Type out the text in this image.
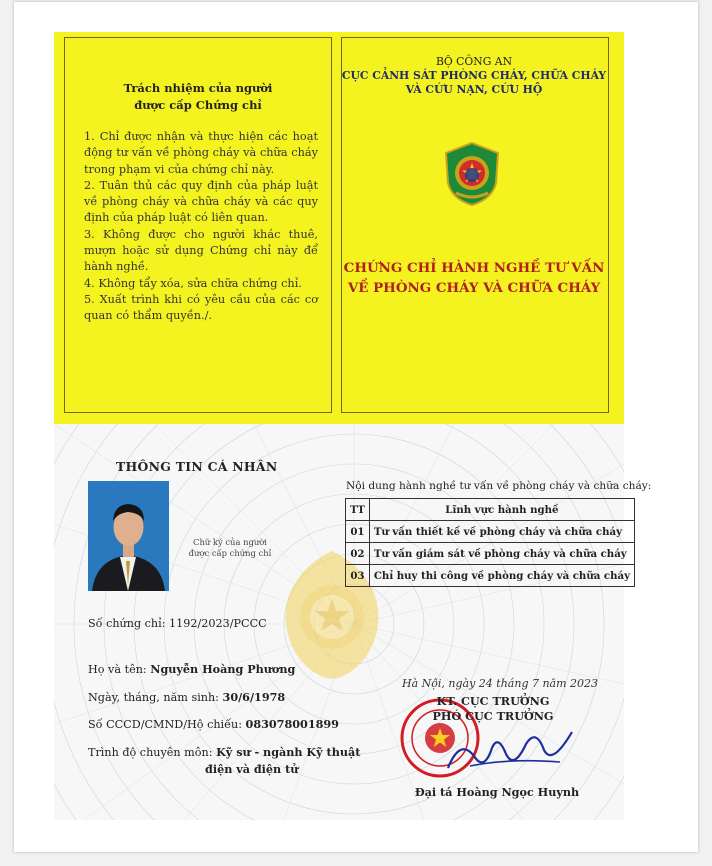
Trách nhiệm của người
được cấp Chứng chỉ
1. Chỉ được nhận và thực hiện các hoạt động tư vấn về phòng cháy và chữa cháy trong phạm vi của chứng chỉ này.
2. Tuân thủ các quy định của pháp luật về phòng cháy và chữa cháy và các quy định của pháp luật có liên quan.
3. Không được cho người khác thuê, mượn hoặc sử dụng Chứng chỉ này để hành nghề.
4. Không tẩy xóa, sửa chữa chứng chỉ.
5. Xuất trình khi có yêu cầu của các cơ quan có thẩm quyền./.
BỘ CÔNG AN
CỤC CẢNH SÁT PHÒNG CHÁY, CHỮA CHÁY
VÀ CỨU NẠN, CỨU HỘ
CHỨNG CHỈ HÀNH NGHỀ TƯ VẤN
VỀ PHÒNG CHÁY VÀ CHỮA CHÁY
THÔNG TIN CÁ NHÂN
Chữ ký của người
được cấp chứng chỉ
Số chứng chỉ: 1192/2023/PCCC
Họ và tên: Nguyễn Hoàng Phương
Ngày, tháng, năm sinh: 30/6/1978
Số CCCD/CMND/Hộ chiếu: 083078001899
Trình độ chuyên môn: Kỹ sư - ngành Kỹ thuật
điện và điện tử
Nội dung hành nghề tư vấn về phòng cháy và chữa cháy:
TT	Lĩnh vực hành nghề
01	Tư vấn thiết kế về phòng cháy và chữa cháy
02	Tư vấn giám sát về phòng cháy và chữa cháy
03	Chỉ huy thi công về phòng cháy và chữa cháy
Hà Nội, ngày 24 tháng 7 năm 2023
KT. CỤC TRƯỞNG
PHÓ CỤC TRƯỞNG
Đại tá Hoàng Ngọc Huynh
